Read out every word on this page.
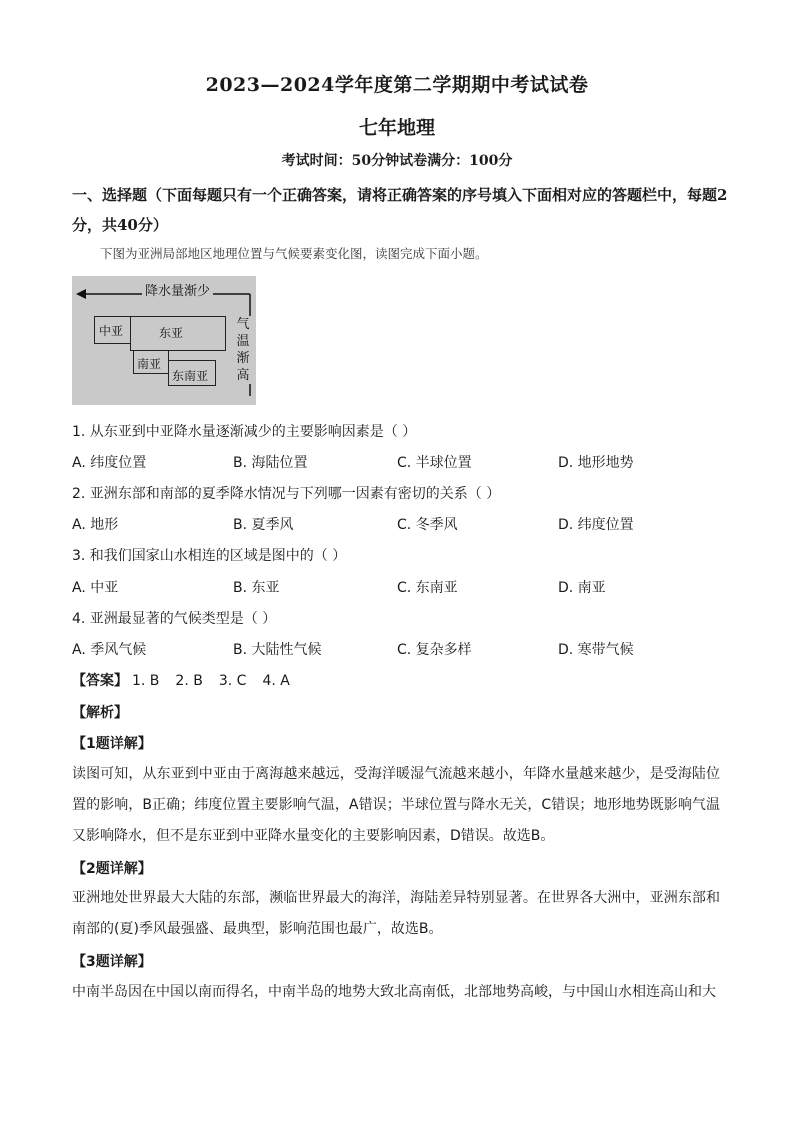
2023—2024学年度第二学期期中考试试卷
七年地理
考试时间：50分钟试卷满分：100分
一、选择题（下面每题只有一个正确答案，请将正确答案的序号填入下面相对应的答题栏中，每题2分，共40分）
下图为亚洲局部地区地理位置与气候要素变化图，读图完成下面小题。
降水量渐少
气温渐高
中亚	东亚
南亚
东南亚
1. 从东亚到中亚降水量逐渐减少的主要影响因素是（ ）
A. 纬度位置	B. 海陆位置	C. 半球位置	D. 地形地势
2. 亚洲东部和南部的夏季降水情况与下列哪一因素有密切的关系（ ）
A. 地形	B. 夏季风	C. 冬季风	D. 纬度位置
3. 和我们国家山水相连的区域是图中的（ ）
A. 中亚	B. 东亚	C. 东南亚	D. 南亚
4. 亚洲最显著的气候类型是（ ）
A. 季风气候	B. 大陆性气候	C. 复杂多样	D. 寒带气候
【答案】 1. B 2. B 3. C 4. A
【解析】
【1题详解】
读图可知，从东亚到中亚由于离海越来越远，受海洋暖湿气流越来越小，年降水量越来越少，是受海陆位置的影响，B正确；纬度位置主要影响气温，A错误；半球位置与降水无关，C错误；地形地势既影响气温又影响降水，但不是东亚到中亚降水量变化的主要影响因素，D错误。故选B。
【2题详解】
亚洲地处世界最大大陆的东部，濒临世界最大的海洋，海陆差异特别显著。在世界各大洲中，亚洲东部和南部的(夏)季风最强盛、最典型，影响范围也最广，故选B。
【3题详解】
中南半岛因在中国以南而得名，中南半岛的地势大致北高南低，北部地势高峻，与中国山水相连高山和大
